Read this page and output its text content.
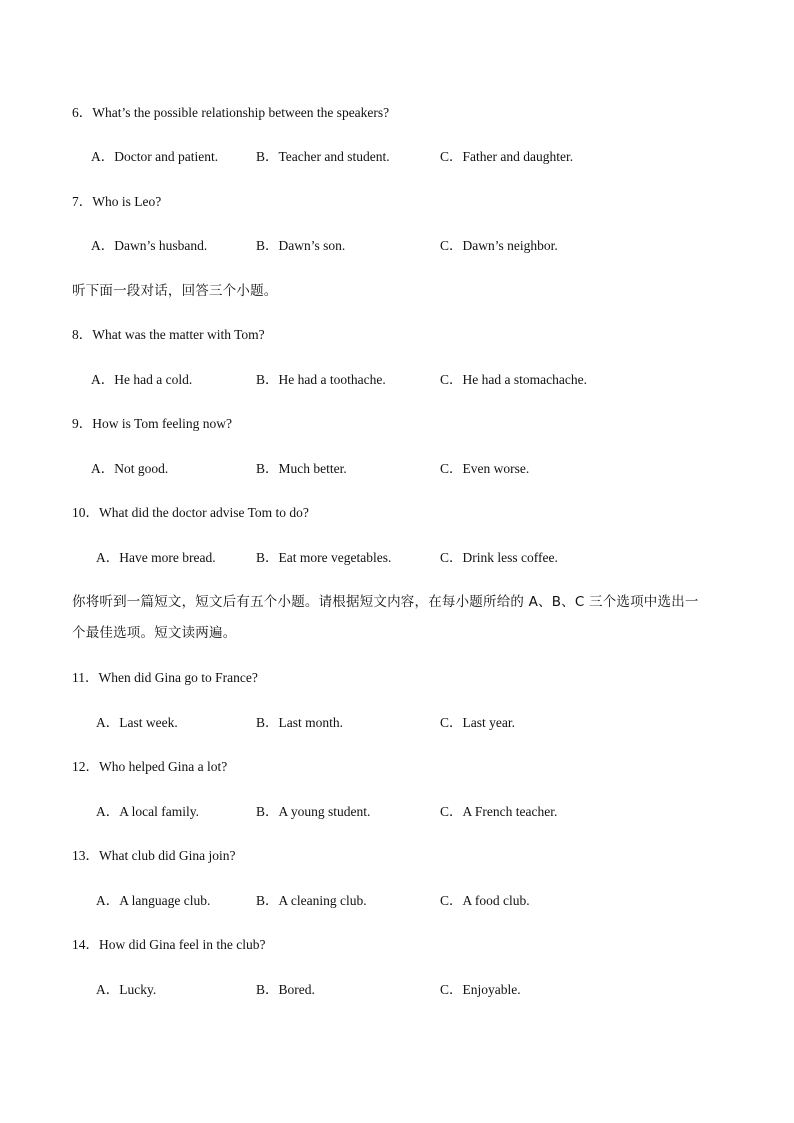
6．What’s the possible relationship between the speakers?
A．Doctor and patient.	B．Teacher and student.	C．Father and daughter.
7．Who is Leo?
A．Dawn’s husband.	B．Dawn’s son.	C．Dawn’s neighbor.
听下面一段对话，回答三个小题。
8．What was the matter with Tom?
A．He had a cold.	B．He had a toothache.	C．He had a stomachache.
9．How is Tom feeling now?
A．Not good.	B．Much better.	C．Even worse.
10．What did the doctor advise Tom to do?
A．Have more bread.	B．Eat more vegetables.	C．Drink less coffee.
你将听到一篇短文，短文后有五个小题。请根据短文内容，在每小题所给的 A、B、C 三个选项中选出一
个最佳选项。短文读两遍。
11．When did Gina go to France?
A．Last week.	B．Last month.	C．Last year.
12．Who helped Gina a lot?
A．A local family.	B．A young student.	C．A French teacher.
13．What club did Gina join?
A．A language club.	B．A cleaning club.	C．A food club.
14．How did Gina feel in the club?
A．Lucky.	B．Bored.	C．Enjoyable.
